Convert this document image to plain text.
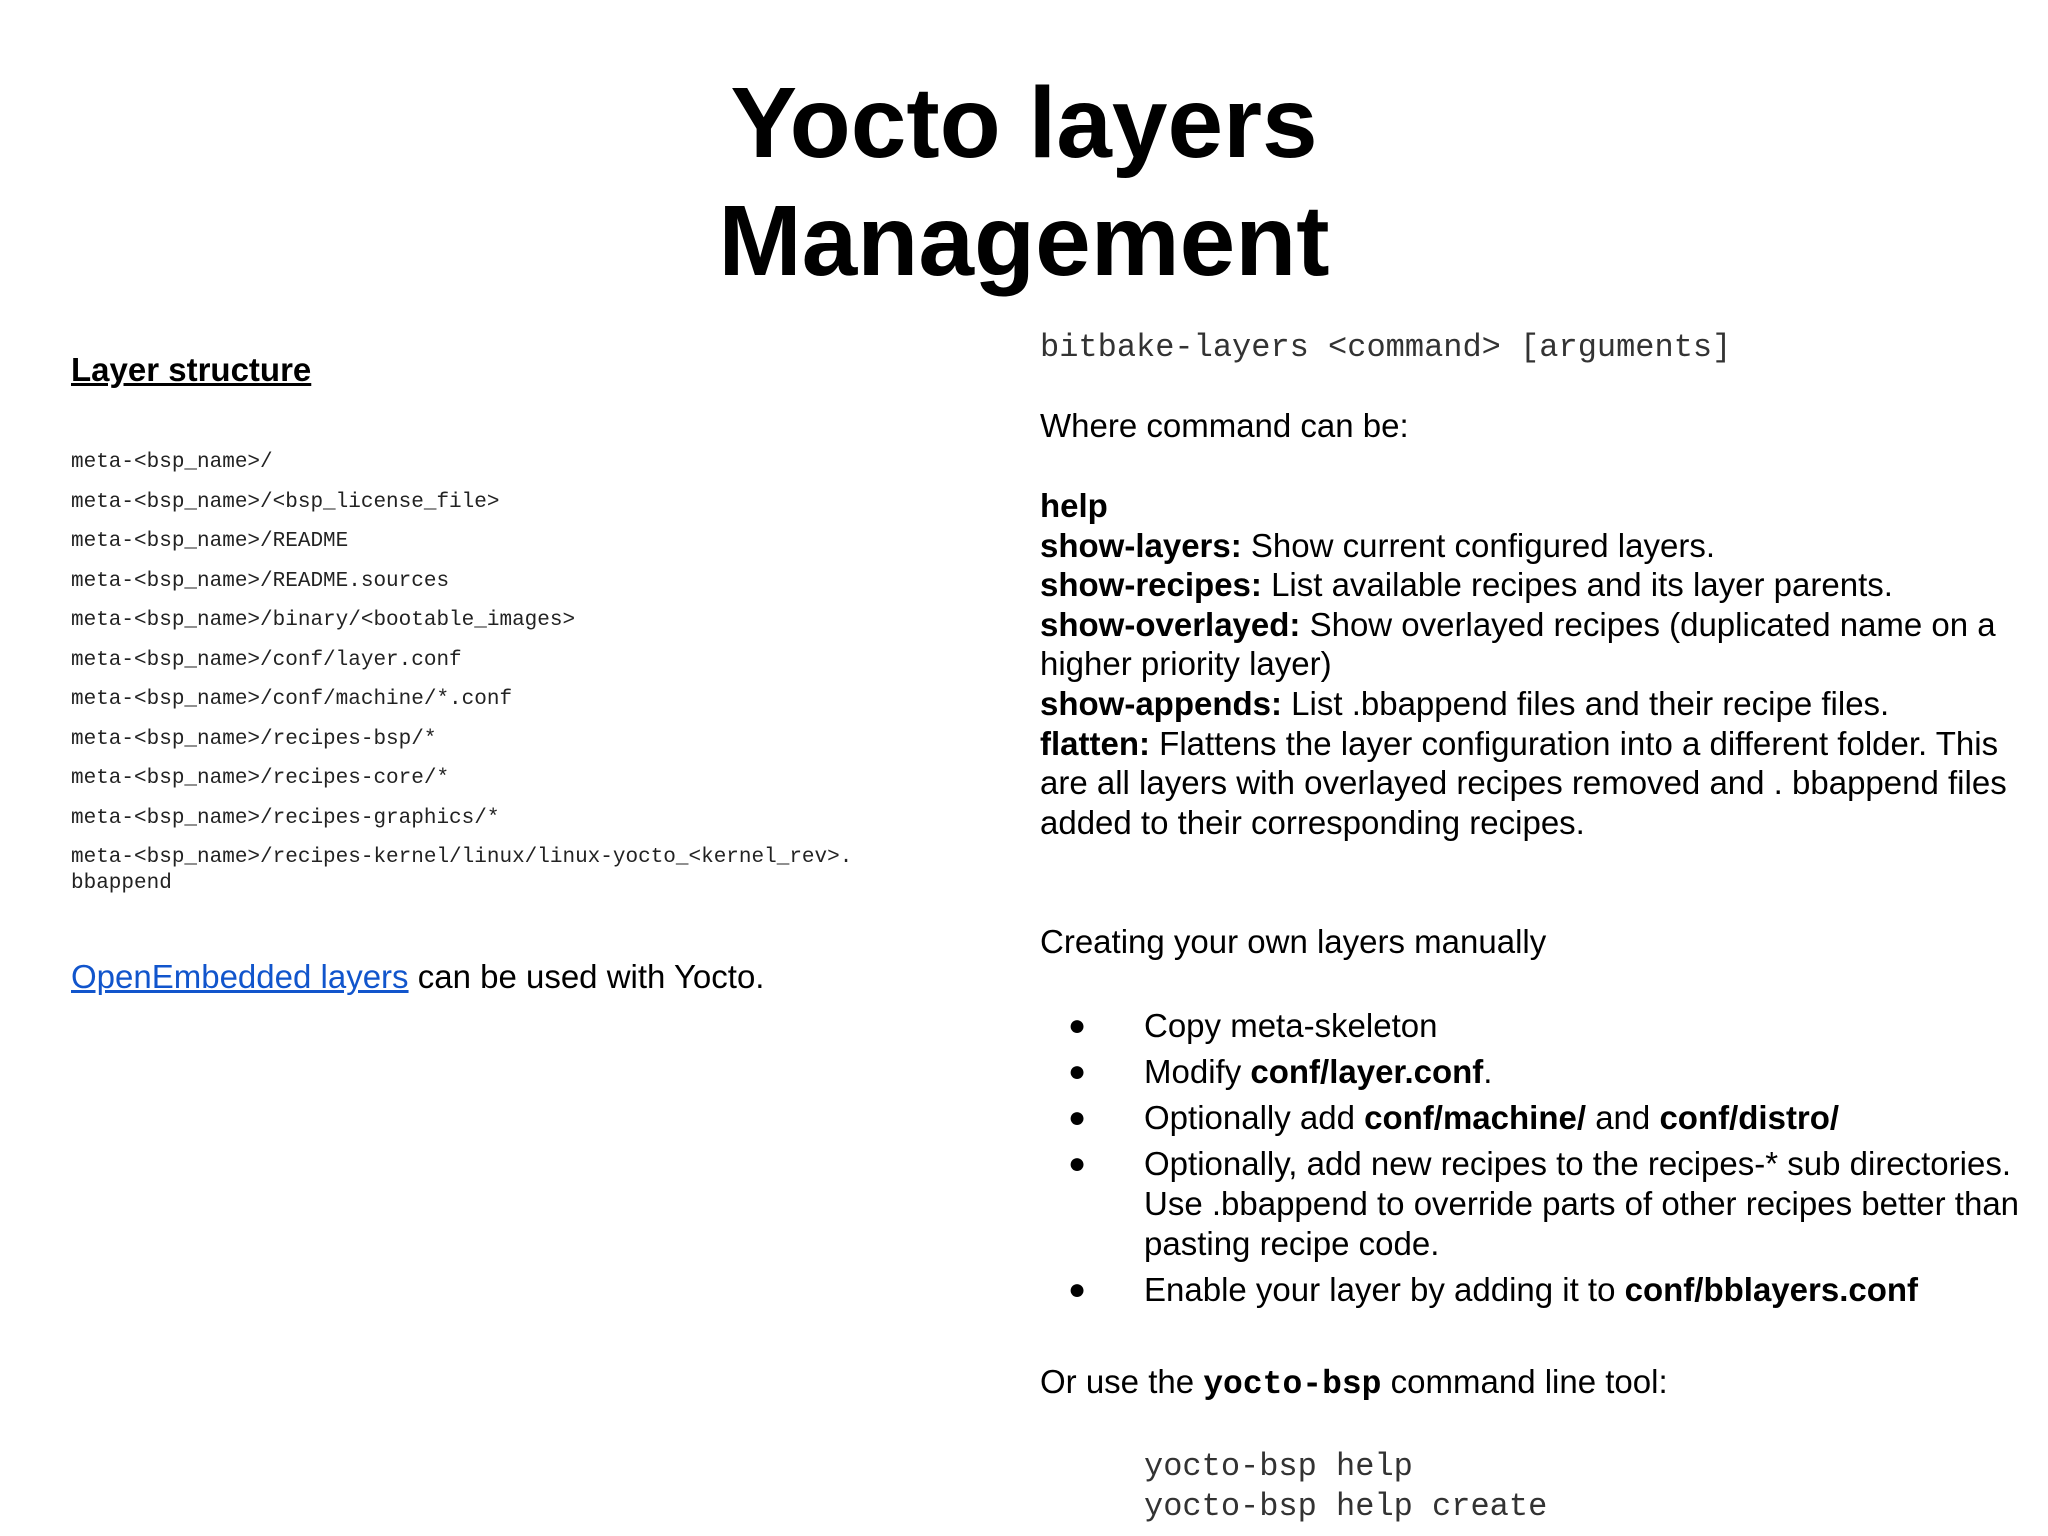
Yocto layers
Management
Layer structure
meta-<bsp_name>/
meta-<bsp_name>/<bsp_license_file>
meta-<bsp_name>/README
meta-<bsp_name>/README.sources
meta-<bsp_name>/binary/<bootable_images>
meta-<bsp_name>/conf/layer.conf
meta-<bsp_name>/conf/machine/*.conf
meta-<bsp_name>/recipes-bsp/*
meta-<bsp_name>/recipes-core/*
meta-<bsp_name>/recipes-graphics/*
meta-<bsp_name>/recipes-kernel/linux/linux-yocto_<kernel_rev>.
bbappend

OpenEmbedded layers can be used with Yocto.

bitbake-layers <command> [arguments]

Where command can be:

help

show-layers: Show current configured layers.

show-recipes: List available recipes and its layer parents.

show-overlayed: Show overlayed recipes (duplicated name on a higher priority layer)

show-appends: List .bbappend files and their recipe files.

flatten: Flattens the layer configuration into a different folder. This are all layers with overlayed recipes removed and . bbappend files added to their corresponding recipes.

Creating your own layers manually

● Copy meta-skeleton
● Modify conf/layer.conf.
● Optionally add conf/machine/ and conf/distro/
● Optionally, add new recipes to the recipes-* sub directories. Use .bbappend to override parts of other recipes better than pasting recipe code.
● Enable your layer by adding it to conf/bblayers.conf

Or use the yocto-bsp command line tool:

yocto-bsp help
yocto-bsp help create
